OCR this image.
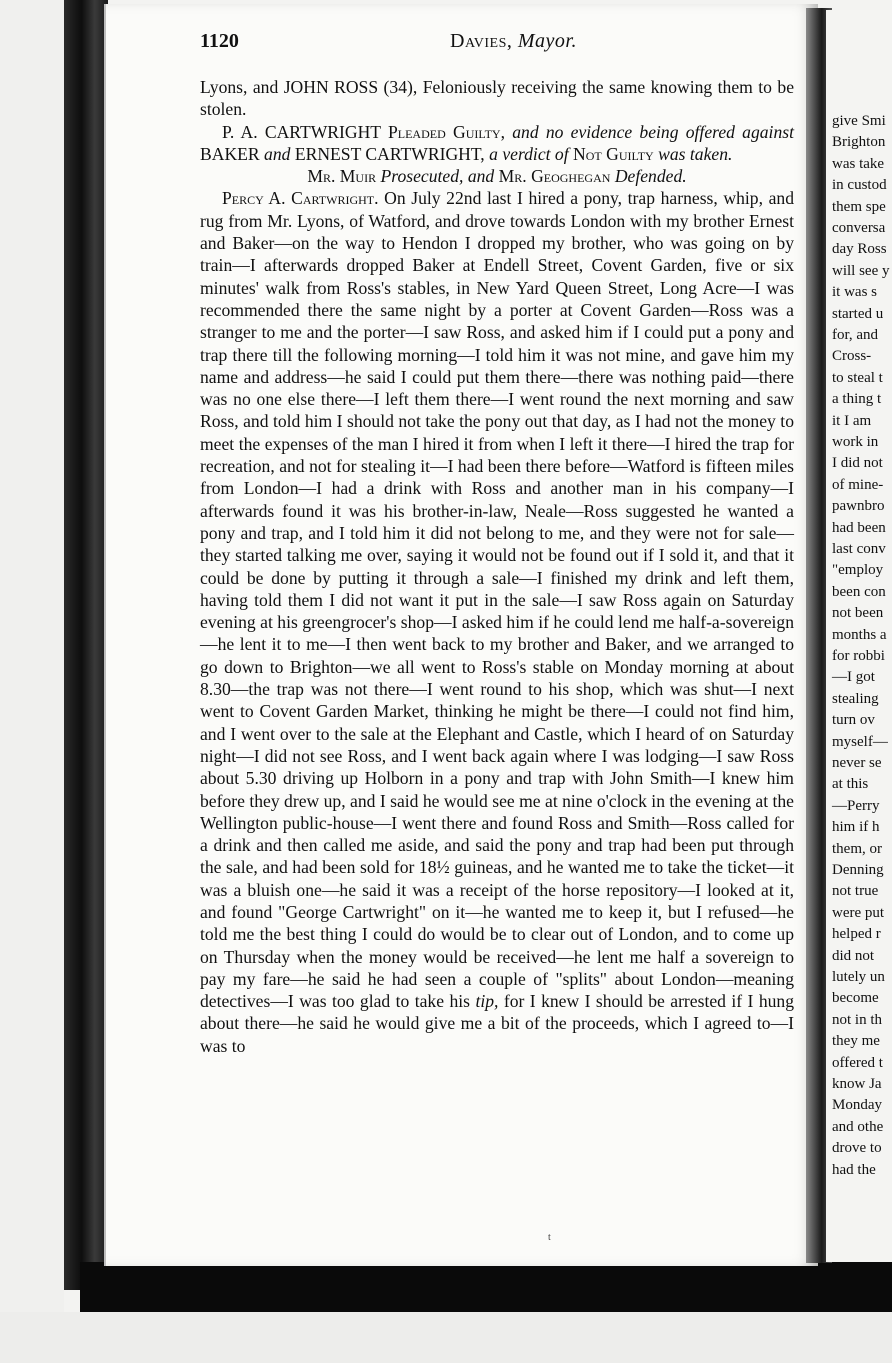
give Smi
Brighton
was take
in custod
them spe
conversa
day Ross
will see y
it was s
started u
for, and
Cross-
to steal t
a thing t
it I am
work in
I did not
of mine-
pawnbro
had been
last conv
"employ
been con
not been
months a
for robbi
—I got
stealing
turn ov
myself—
never se
at this
—Perry
him if h
them, or
Denning
not true
were put
helped r
did not
lutely un
become
not in th
they me
offered t
know Ja
Monday
and othe
drove to
had the
1120	Davies, Mayor.

Lyons, and JOHN ROSS (34), Feloniously receiving the same knowing them to be stolen.

P. A. CARTWRIGHT Pleaded Guilty, and no evidence being offered against BAKER and ERNEST CARTWRIGHT, a verdict of Not Guilty was taken.

Mr. Muir Prosecuted, and Mr. Geoghegan Defended.

Percy A. Cartwright. On July 22nd last I hired a pony, trap harness, whip, and rug from Mr. Lyons, of Watford, and drove towards London with my brother Ernest and Baker—on the way to Hendon I dropped my brother, who was going on by train—I afterwards dropped Baker at Endell Street, Covent Garden, five or six minutes' walk from Ross's stables, in New Yard Queen Street, Long Acre—I was recommended there the same night by a porter at Covent Garden—Ross was a stranger to me and the porter—I saw Ross, and asked him if I could put a pony and trap there till the following morning—I told him it was not mine, and gave him my name and address—he said I could put them there—there was nothing paid—there was no one else there—I left them there—I went round the next morning and saw Ross, and told him I should not take the pony out that day, as I had not the money to meet the expenses of the man I hired it from when I left it there—I hired the trap for recreation, and not for stealing it—I had been there before—Watford is fifteen miles from London—I had a drink with Ross and another man in his company—I afterwards found it was his brother-in-law, Neale—Ross suggested he wanted a pony and trap, and I told him it did not belong to me, and they were not for sale—they started talking me over, saying it would not be found out if I sold it, and that it could be done by putting it through a sale—I finished my drink and left them, having told them I did not want it put in the sale—I saw Ross again on Saturday evening at his greengrocer's shop—I asked him if he could lend me half-a-sovereign—he lent it to me—I then went back to my brother and Baker, and we arranged to go down to Brighton—we all went to Ross's stable on Monday morning at about 8.30—the trap was not there—I went round to his shop, which was shut—I next went to Covent Garden Market, thinking he might be there—I could not find him, and I went over to the sale at the Elephant and Castle, which I heard of on Saturday night—I did not see Ross, and I went back again where I was lodging—I saw Ross about 5.30 driving up Holborn in a pony and trap with John Smith—I knew him before they drew up, and I said he would see me at nine o'clock in the evening at the Wellington public-house—I went there and found Ross and Smith—Ross called for a drink and then called me aside, and said the pony and trap had been put through the sale, and had been sold for 18½ guineas, and he wanted me to take the ticket—it was a bluish one—he said it was a receipt of the horse repository—I looked at it, and found "George Cartwright" on it—he wanted me to keep it, but I refused—he told me the best thing I could do would be to clear out of London, and to come up on Thursday when the money would be received—he lent me half a sovereign to pay my fare—he said he had seen a couple of "splits" about London—meaning detectives—I was too glad to take his tip, for I knew I should be arrested if I hung about there—he said he would give me a bit of the proceeds, which I agreed to—I was to

t
